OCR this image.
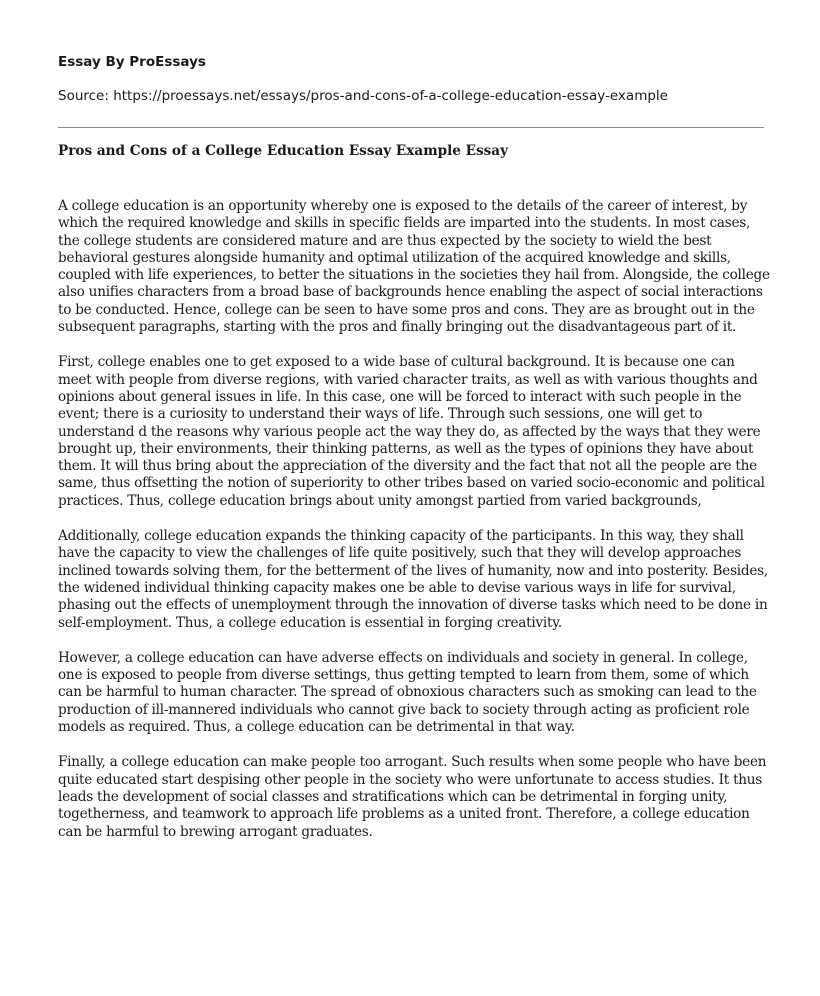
Essay By ProEssays

Source: https://proessays.net/essays/pros-and-cons-of-a-college-education-essay-example

Pros and Cons of a College Education Essay Example Essay

A college education is an opportunity whereby one is exposed to the details of the career of interest, by which the required knowledge and skills in specific fields are imparted into the students. In most cases, the college students are considered mature and are thus expected by the society to wield the best behavioral gestures alongside humanity and optimal utilization of the acquired knowledge and skills, coupled with life experiences, to better the situations in the societies they hail from. Alongside, the college also unifies characters from a broad base of backgrounds hence enabling the aspect of social interactions to be conducted. Hence, college can be seen to have some pros and cons. They are as brought out in the subsequent paragraphs, starting with the pros and finally bringing out the disadvantageous part of it.

First, college enables one to get exposed to a wide base of cultural background. It is because one can meet with people from diverse regions, with varied character traits, as well as with various thoughts and opinions about general issues in life. In this case, one will be forced to interact with such people in the event; there is a curiosity to understand their ways of life. Through such sessions, one will get to understand d the reasons why various people act the way they do, as affected by the ways that they were brought up, their environments, their thinking patterns, as well as the types of opinions they have about them. It will thus bring about the appreciation of the diversity and the fact that not all the people are the same, thus offsetting the notion of superiority to other tribes based on varied socio-economic and political practices. Thus, college education brings about unity amongst partied from varied backgrounds,

Additionally, college education expands the thinking capacity of the participants. In this way, they shall have the capacity to view the challenges of life quite positively, such that they will develop approaches inclined towards solving them, for the betterment of the lives of humanity, now and into posterity. Besides, the widened individual thinking capacity makes one be able to devise various ways in life for survival, phasing out the effects of unemployment through the innovation of diverse tasks which need to be done in self-employment. Thus, a college education is essential in forging creativity.

However, a college education can have adverse effects on individuals and society in general. In college, one is exposed to people from diverse settings, thus getting tempted to learn from them, some of which can be harmful to human character. The spread of obnoxious characters such as smoking can lead to the production of ill-mannered individuals who cannot give back to society through acting as proficient role models as required. Thus, a college education can be detrimental in that way.

Finally, a college education can make people too arrogant. Such results when some people who have been quite educated start despising other people in the society who were unfortunate to access studies. It thus leads the development of social classes and stratifications which can be detrimental in forging unity, togetherness, and teamwork to approach life problems as a united front. Therefore, a college education can be harmful to brewing arrogant graduates.
